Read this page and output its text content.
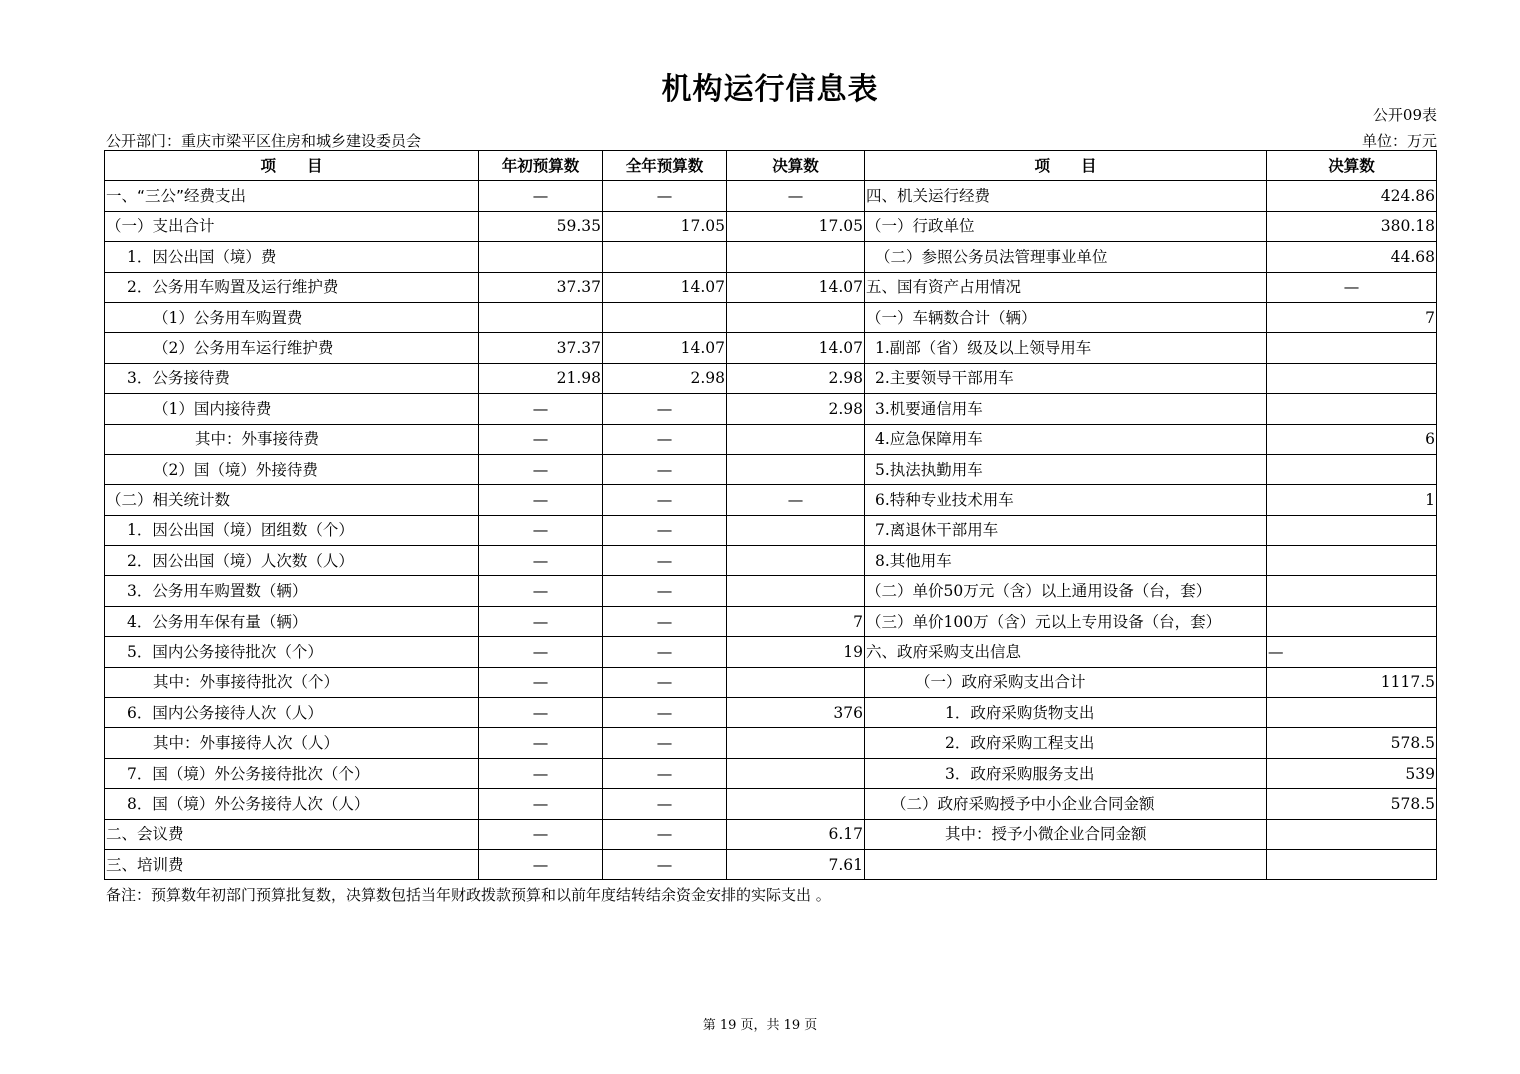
机构运行信息表
公开09表
公开部门：重庆市梁平区住房和城乡建设委员会	单位：万元
项　　目	年初预算数	全年预算数	决算数	项　　目	决算数
一、“三公”经费支出	—	—	—	四、机关运行经费	424.86
（一）支出合计	59.35	17.05	17.05	（一）行政单位	380.18
1．因公出国（境）费				（二）参照公务员法管理事业单位	44.68
2．公务用车购置及运行维护费	37.37	14.07	14.07	五、国有资产占用情况	—
（1）公务用车购置费				（一）车辆数合计（辆）	7
（2）公务用车运行维护费	37.37	14.07	14.07	1.副部（省）级及以上领导用车	
3．公务接待费	21.98	2.98	2.98	2.主要领导干部用车	
（1）国内接待费	—	—	2.98	3.机要通信用车	
其中：外事接待费	—	—		4.应急保障用车	6
（2）国（境）外接待费	—	—		5.执法执勤用车	
（二）相关统计数	—	—	—	6.特种专业技术用车	1
1．因公出国（境）团组数（个）	—	—		7.离退休干部用车	
2．因公出国（境）人次数（人）	—	—		8.其他用车	
3．公务用车购置数（辆）	—	—		（二）单价50万元（含）以上通用设备（台，套）	
4．公务用车保有量（辆）	—	—	7	（三）单价100万（含）元以上专用设备（台，套）	
5．国内公务接待批次（个）	—	—	19	六、政府采购支出信息	—
其中：外事接待批次（个）	—	—		（一）政府采购支出合计	1117.5
6．国内公务接待人次（人）	—	—	376	1．政府采购货物支出	
其中：外事接待人次（人）	—	—		2．政府采购工程支出	578.5
7．国（境）外公务接待批次（个）	—	—		3．政府采购服务支出	539
8．国（境）外公务接待人次（人）	—	—		（二）政府采购授予中小企业合同金额	578.5
二、会议费	—	—	6.17	其中：授予小微企业合同金额	
三、培训费	—	—	7.61		
备注：预算数年初部门预算批复数，决算数包括当年财政拨款预算和以前年度结转结余资金安排的实际支出 。
第 19 页，共 19 页
